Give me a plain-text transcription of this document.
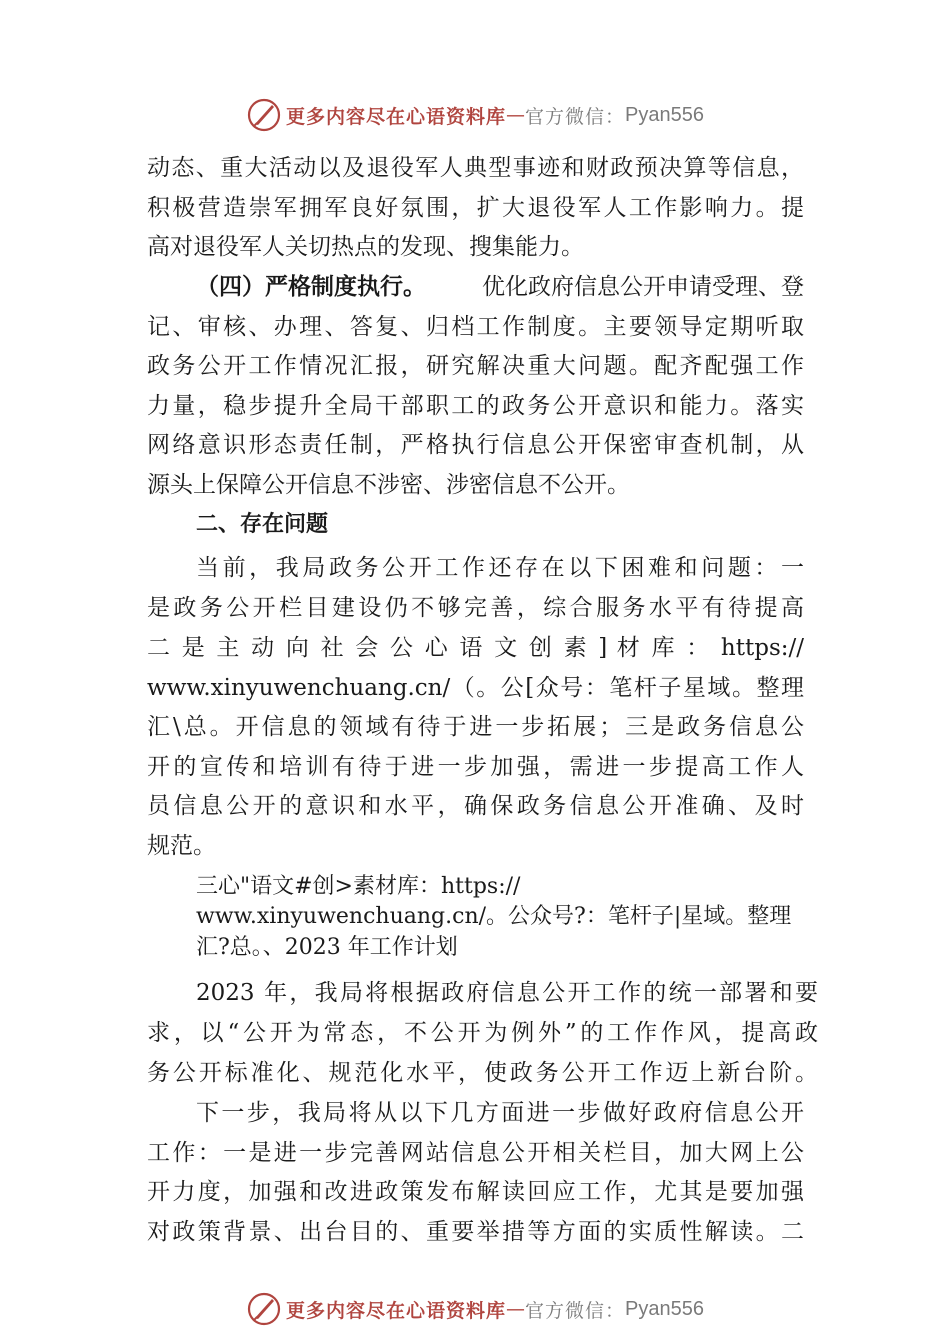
更多内容尽在心语资料库 — 官方微信： Pyan556
动态、重大活动以及退役军人典型事迹和财政预决算等信息，
积极营造崇军拥军良好氛围，扩大退役军人工作影响力。提
高对退役军人关切热点的发现、搜集能力。
（四）严格制度执行。 优化政府信息公开申请受理、登
记、审核、办理、答复、归档工作制度。主要领导定期听取
政务公开工作情况汇报，研究解决重大问题。配齐配强工作
力量，稳步提升全局干部职工的政务公开意识和能力。落实
网络意识形态责任制，严格执行信息公开保密审查机制，从
源头上保障公开信息不涉密、涉密信息不公开。
二、存在问题
当前，我局政务公开工作还存在以下困难和问题：一
是政务公开栏目建设仍不够完善，综合服务水平有待提高
二 是 主 动 向 社 会 公 心 语 文 创 素 ] 材 库 ： https://
www.xinyuwenchuang.cn/（。公[众号：笔杆子星域。整理
汇\总。开信息的领域有待于进一步拓展；三是政务信息公
开的宣传和培训有待于进一步加强，需进一步提高工作人
员信息公开的意识和水平，确保政务信息公开准确、及时
规范。
三心"语文#创>素材库：https://
www.xinyuwenchuang.cn/。公众号?：笔杆子|星域。整理
汇?总。、2023 年工作计划
2023 年，我局将根据政府信息公开工作的统一部署和要
求，以“公开为常态，不公开为例外”的工作作风，提高政
务公开标准化、规范化水平，使政务公开工作迈上新台阶。
下一步，我局将从以下几方面进一步做好政府信息公开
工作：一是进一步完善网站信息公开相关栏目，加大网上公
开力度，加强和改进政策发布解读回应工作，尤其是要加强
对政策背景、出台目的、重要举措等方面的实质性解读。二
更多内容尽在心语资料库 — 官方微信： Pyan556
